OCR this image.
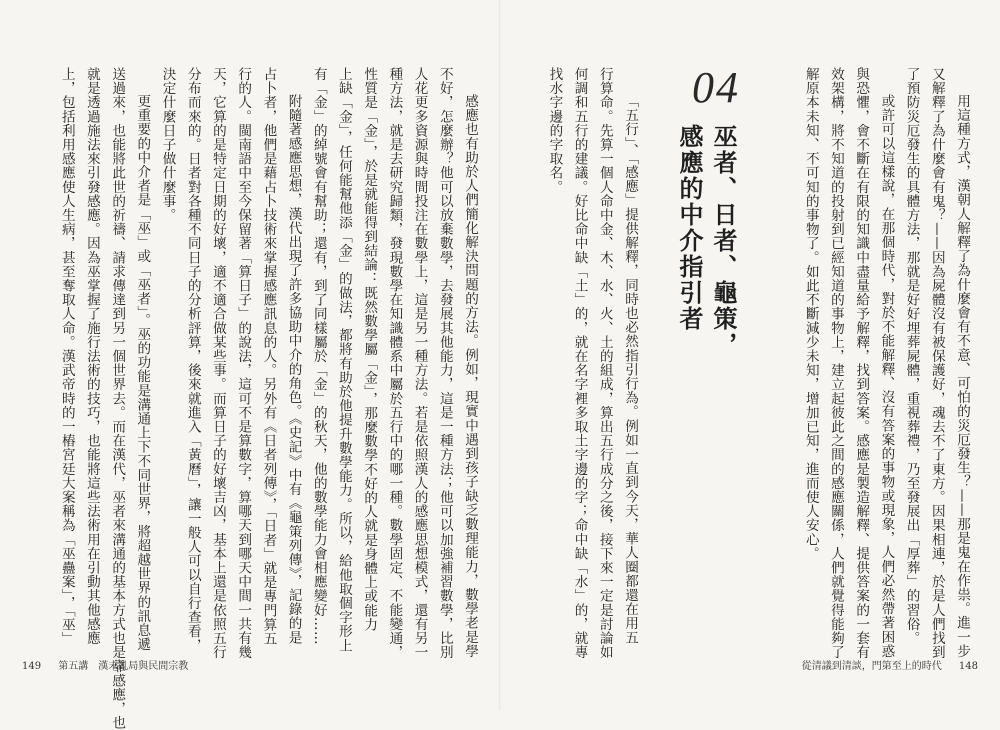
感應也有助於人們簡化解決問題的方法。例如，現實中遇到孩子缺乏數理能力，數學老是學

不好，怎麼辦？他可以放棄數學，去發展其他能力，這是一種方法；他可以加強補習數學，比別

人花更多資源與時間投注在數學上，這是另一種方法。若是依照漢人的感應思想模式，還有另一

種方法，就是去研究歸類，發現數學在知識體系中屬於五行中的哪一種。數學固定、不能變通，

性質是「金」，於是就能得到結論：既然數學屬「金」，那麼數學不好的人就是身體上或能力

上缺「金」，任何能幫他添「金」的做法，都將有助於他提升數學能力。所以，給他取個字形上

有「金」的綽號會有幫助；還有，到了同樣屬於「金」的秋天，他的數學能力會相應變好……

附隨著感應思想，漢代出現了許多協助中介的角色。《史記》中有《龜策列傳》，記錄的是

占卜者，他們是藉占卜技術來掌握感應訊息的人。另外有《日者列傳》，「日者」就是專門算五

行的人。閩南語中至今保留著「算日子」的說法，這可不是算數字，算哪天到哪天中間一共有幾

天，它算的是特定日期的好壞，適不適合做某些事。而算日子的好壞吉凶，基本上還是依照五行

分布而來的。日者對各種不同日子的分析評算，後來就進入「黃曆」，讓一般人可以自行查看，

決定什麼日子做什麼事。

更重要的中介者是「巫」或「巫者」。巫的功能是溝通上下不同世界，將超越世界的訊息遞

送過來，也能將此世的祈禱、請求傳達到另一個世界去。而在漢代，巫者來溝通的基本方式也是靠感應，也

就是透過施法來引發感應。因為巫掌握了施行法術的技巧，也能將這些法術用在引動其他感應

上，包括利用感應使人生病，甚至奪取人命。漢武帝時的一樁宮廷大案稱為「巫蠱案」，「巫」

149 第五講　漢末亂局與民間宗教

用這種方式，漢朝人解釋了為什麼會有不意、可怕的災厄發生？——那是鬼在作祟。進一步

又解釋了為什麼會有鬼？——因為屍體沒有被保護好，魂去不了東方。因果相連，於是人們找到

了預防災厄發生的具體方法，那就是好好埋葬屍體，重視葬禮，乃至發展出「厚葬」的習俗。

或許可以這樣說，在那個時代，對於不能解釋、沒有答案的事物或現象，人們必然帶著困惑

與恐懼，會不斷在有限的知識中盡量給予解釋，找到答案。感應是製造解釋、提供答案的一套有

效架構，將不知道的投射到已經知道的事物上，建立起彼此之間的感應關係，人們就覺得能夠了

解原本未知、不可知的事物了。如此不斷減少未知，增加已知，進而使人安心。

04
巫者、日者、龜策，
感應的中介指引者

「五行」、「感應」提供解釋，同時也必然指引行為。例如一直到今天，華人圈都還在用五

行算命。先算一個人命中金、木、水、火、土的組成，算出五行成分之後，接下來一定是討論如

何調和五行的建議。好比命中缺「土」的，就在名字裡多取土字邊的字；命中缺「水」的，就專

找水字邊的字取名。

從清議到清談，門第至上的時代 148
